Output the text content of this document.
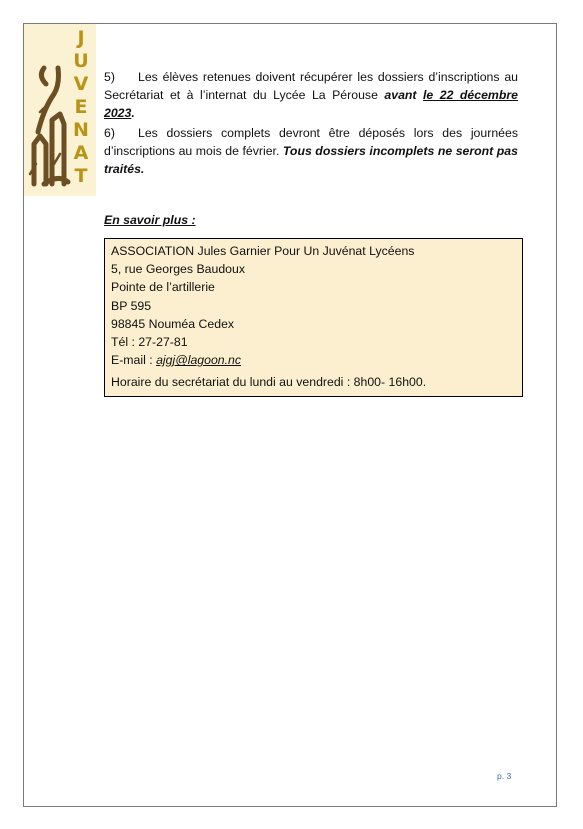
J
U
V
E
N
A
T

5) Les élèves retenues doivent récupérer les dossiers d’inscriptions au Secrétariat et à l’internat du Lycée La Pérouse avant le 22 décembre 2023.

6) Les dossiers complets devront être déposés lors des journées d’inscriptions au mois de février. Tous dossiers incomplets ne seront pas traités.

En savoir plus :

ASSOCIATION Jules Garnier Pour Un Juvénat Lycéens
5, rue Georges Baudoux
Pointe de l’artillerie
BP 595
98845 Nouméa Cedex
Tél : 27-27-81
E-mail : ajgj@lagoon.nc
Horaire du secrétariat du lundi au vendredi : 8h00- 16h00.
p. 3
